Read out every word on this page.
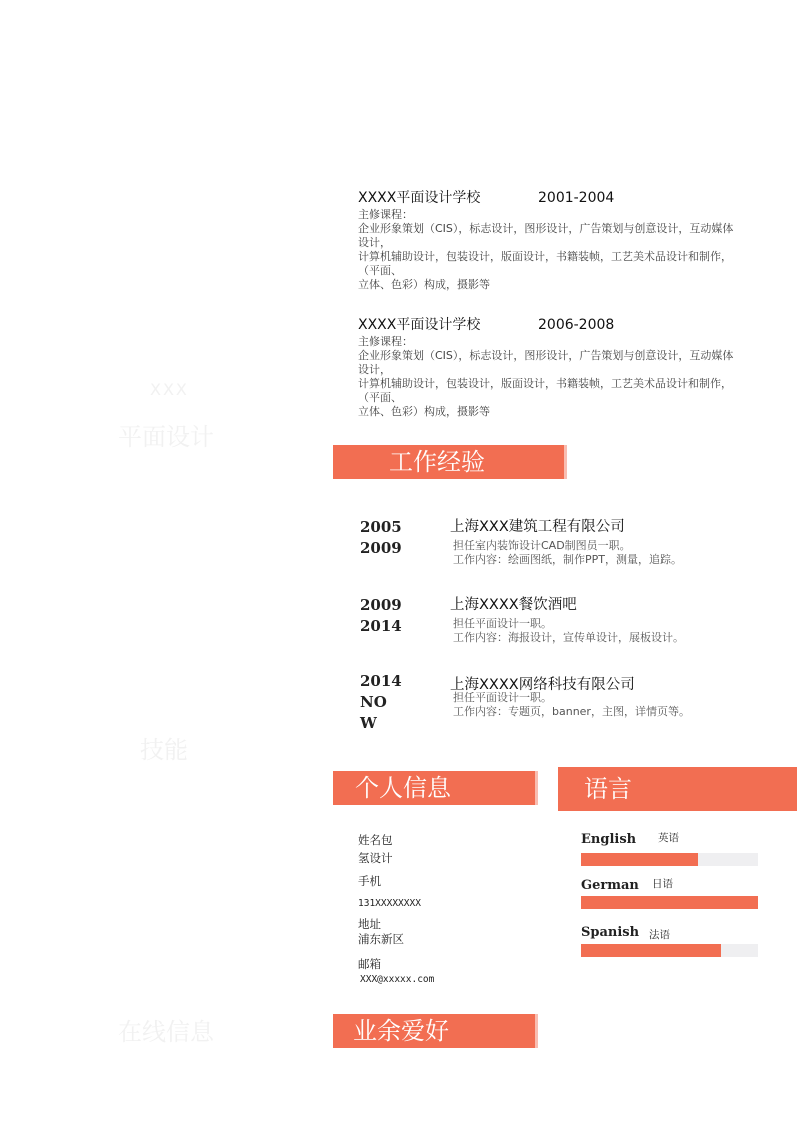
XXX
平面设计
技能
在线信息
XXXX平面设计学校	2001-2004
主修课程：
企业形象策划（CIS），标志设计，图形设计，广告策划与创意设计，互动媒体设计，
计算机辅助设计，包装设计，版面设计，书籍装帧，工艺美术品设计和制作，（平面、
立体、色彩）构成，摄影等
XXXX平面设计学校	2006-2008
主修课程：
企业形象策划（CIS），标志设计，图形设计，广告策划与创意设计，互动媒体设计，
计算机辅助设计，包装设计，版面设计，书籍装帧，工艺美术品设计和制作，（平面、
立体、色彩）构成，摄影等
工作经验
2005
2009
上海XXX建筑工程有限公司
担任室内装饰设计CAD制图员一职。
工作内容：绘画图纸，制作PPT，测量，追踪。
2009
2014
上海XXXX餐饮酒吧
担任平面设计一职。
工作内容：海报设计，宣传单设计，展板设计。
2014
NO
W
上海XXXX网络科技有限公司
担任平面设计一职。
工作内容：专题页，banner，主图，详情页等。
个人信息
姓名包
氢设计
手机
131XXXXXXXX
地址
浦东新区
邮箱
XXX@xxxxx.com
语言
English 英语
German 日语
Spanish 法语
业余爱好
